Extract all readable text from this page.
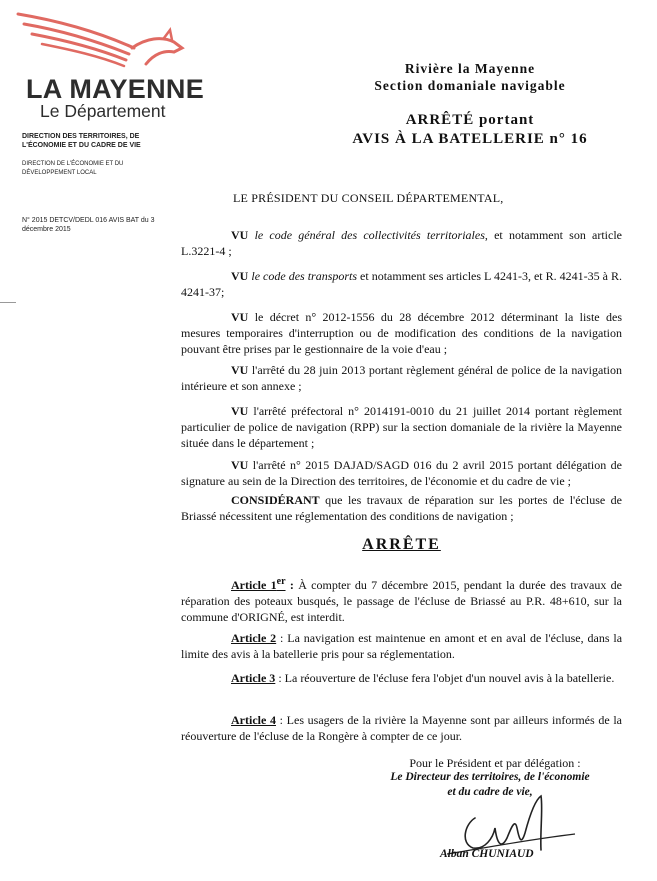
LA MAYENNE
Le Département
DIRECTION DES TERRITOIRES, DE L'ÉCONOMIE ET DU CADRE DE VIE
DIRECTION DE L'ÉCONOMIE ET DU DÉVELOPPEMENT LOCAL
N° 2015 DETCV/DEDL 016 AVIS BAT du 3 décembre 2015
Rivière la Mayenne
Section domaniale navigable
ARRÊTÉ portant
AVIS À LA BATELLERIE n° 16
LE PRÉSIDENT DU CONSEIL DÉPARTEMENTAL,
VU le code général des collectivités territoriales, et notamment son article L.3221-4 ;
VU le code des transports et notamment ses articles L 4241-3, et R. 4241-35 à R. 4241-37;
VU le décret n° 2012-1556 du 28 décembre 2012 déterminant la liste des mesures temporaires d'interruption ou de modification des conditions de la navigation pouvant être prises par le gestionnaire de la voie d'eau ;
VU l'arrêté du 28 juin 2013 portant règlement général de police de la navigation intérieure et son annexe ;
VU l'arrêté préfectoral n° 2014191-0010 du 21 juillet 2014 portant règlement particulier de police de navigation (RPP) sur la section domaniale de la rivière la Mayenne située dans le département ;
VU l'arrêté n° 2015 DAJAD/SAGD 016 du 2 avril 2015 portant délégation de signature au sein de la Direction des territoires, de l'économie et du cadre de vie ;
CONSIDÉRANT que les travaux de réparation sur les portes de l'écluse de Briassé nécessitent une réglementation des conditions de navigation ;
ARRÊTE
Article 1er : À compter du 7 décembre 2015, pendant la durée des travaux de réparation des poteaux busqués, le passage de l'écluse de Briassé au P.R. 48+610, sur la commune d'ORIGNÉ, est interdit.
Article 2 : La navigation est maintenue en amont et en aval de l'écluse, dans la limite des avis à la batellerie pris pour sa réglementation.
Article 3 : La réouverture de l'écluse fera l'objet d'un nouvel avis à la batellerie.
Article 4 : Les usagers de la rivière la Mayenne sont par ailleurs informés de la réouverture de l'écluse de la Rongère à compter de ce jour.
Pour le Président et par délégation :
Le Directeur des territoires, de l'économie
et du cadre de vie,
Alban CHUNIAUD
